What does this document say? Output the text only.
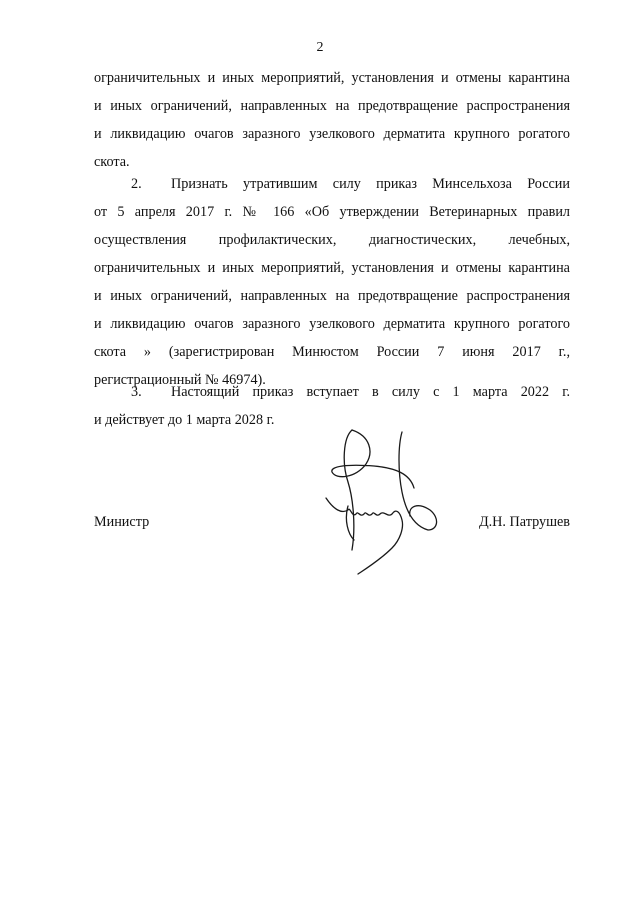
2
ограничительных и иных мероприятий, установления и отмены карантина
и иных ограничений, направленных на предотвращение распространения
и ликвидацию очагов заразного узелкового дерматита крупного рогатого
скота.
2. Признать утратившим силу приказ Минсельхоза России
от 5 апреля 2017 г. № 166 «Об утверждении Ветеринарных правил
осуществления профилактических, диагностических, лечебных,
ограничительных и иных мероприятий, установления и отмены карантина
и иных ограничений, направленных на предотвращение распространения
и ликвидацию очагов заразного узелкового дерматита крупного рогатого
скота » (зарегистрирован Минюстом России 7 июня 2017 г.,
регистрационный № 46974).
3. Настоящий приказ вступает в силу с 1 марта 2022 г.
и действует до 1 марта 2028 г.
Министр	Д.Н. Патрушев
